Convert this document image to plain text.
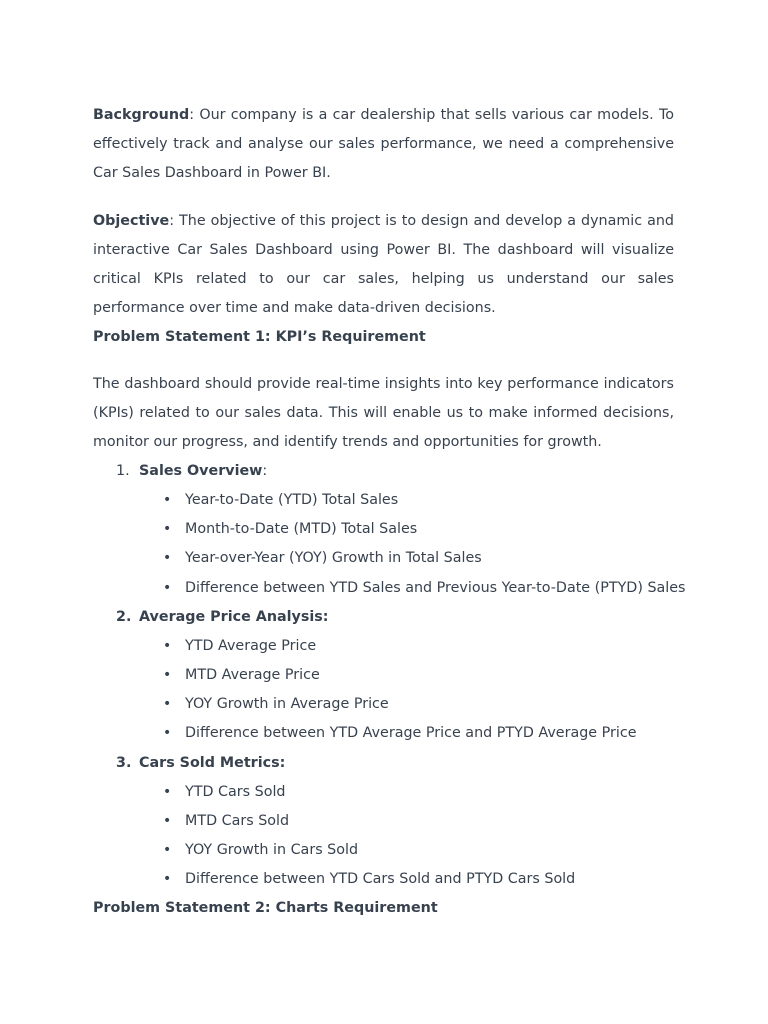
Background: Our company is a car dealership that sells various car models. To effectively track and analyse our sales performance, we need a comprehensive Car Sales Dashboard in Power BI.

Objective: The objective of this project is to design and develop a dynamic and interactive Car Sales Dashboard using Power BI. The dashboard will visualize critical KPIs related to our car sales, helping us understand our sales performance over time and make data-driven decisions.

Problem Statement 1: KPI’s Requirement

The dashboard should provide real-time insights into key performance indicators (KPIs) related to our sales data. This will enable us to make informed decisions, monitor our progress, and identify trends and opportunities for growth.

1. Sales Overview:
• Year-to-Date (YTD) Total Sales
• Month-to-Date (MTD) Total Sales
• Year-over-Year (YOY) Growth in Total Sales
• Difference between YTD Sales and Previous Year-to-Date (PTYD) Sales
2. Average Price Analysis:
• YTD Average Price
• MTD Average Price
• YOY Growth in Average Price
• Difference between YTD Average Price and PTYD Average Price
3. Cars Sold Metrics:
• YTD Cars Sold
• MTD Cars Sold
• YOY Growth in Cars Sold
• Difference between YTD Cars Sold and PTYD Cars Sold

Problem Statement 2: Charts Requirement
